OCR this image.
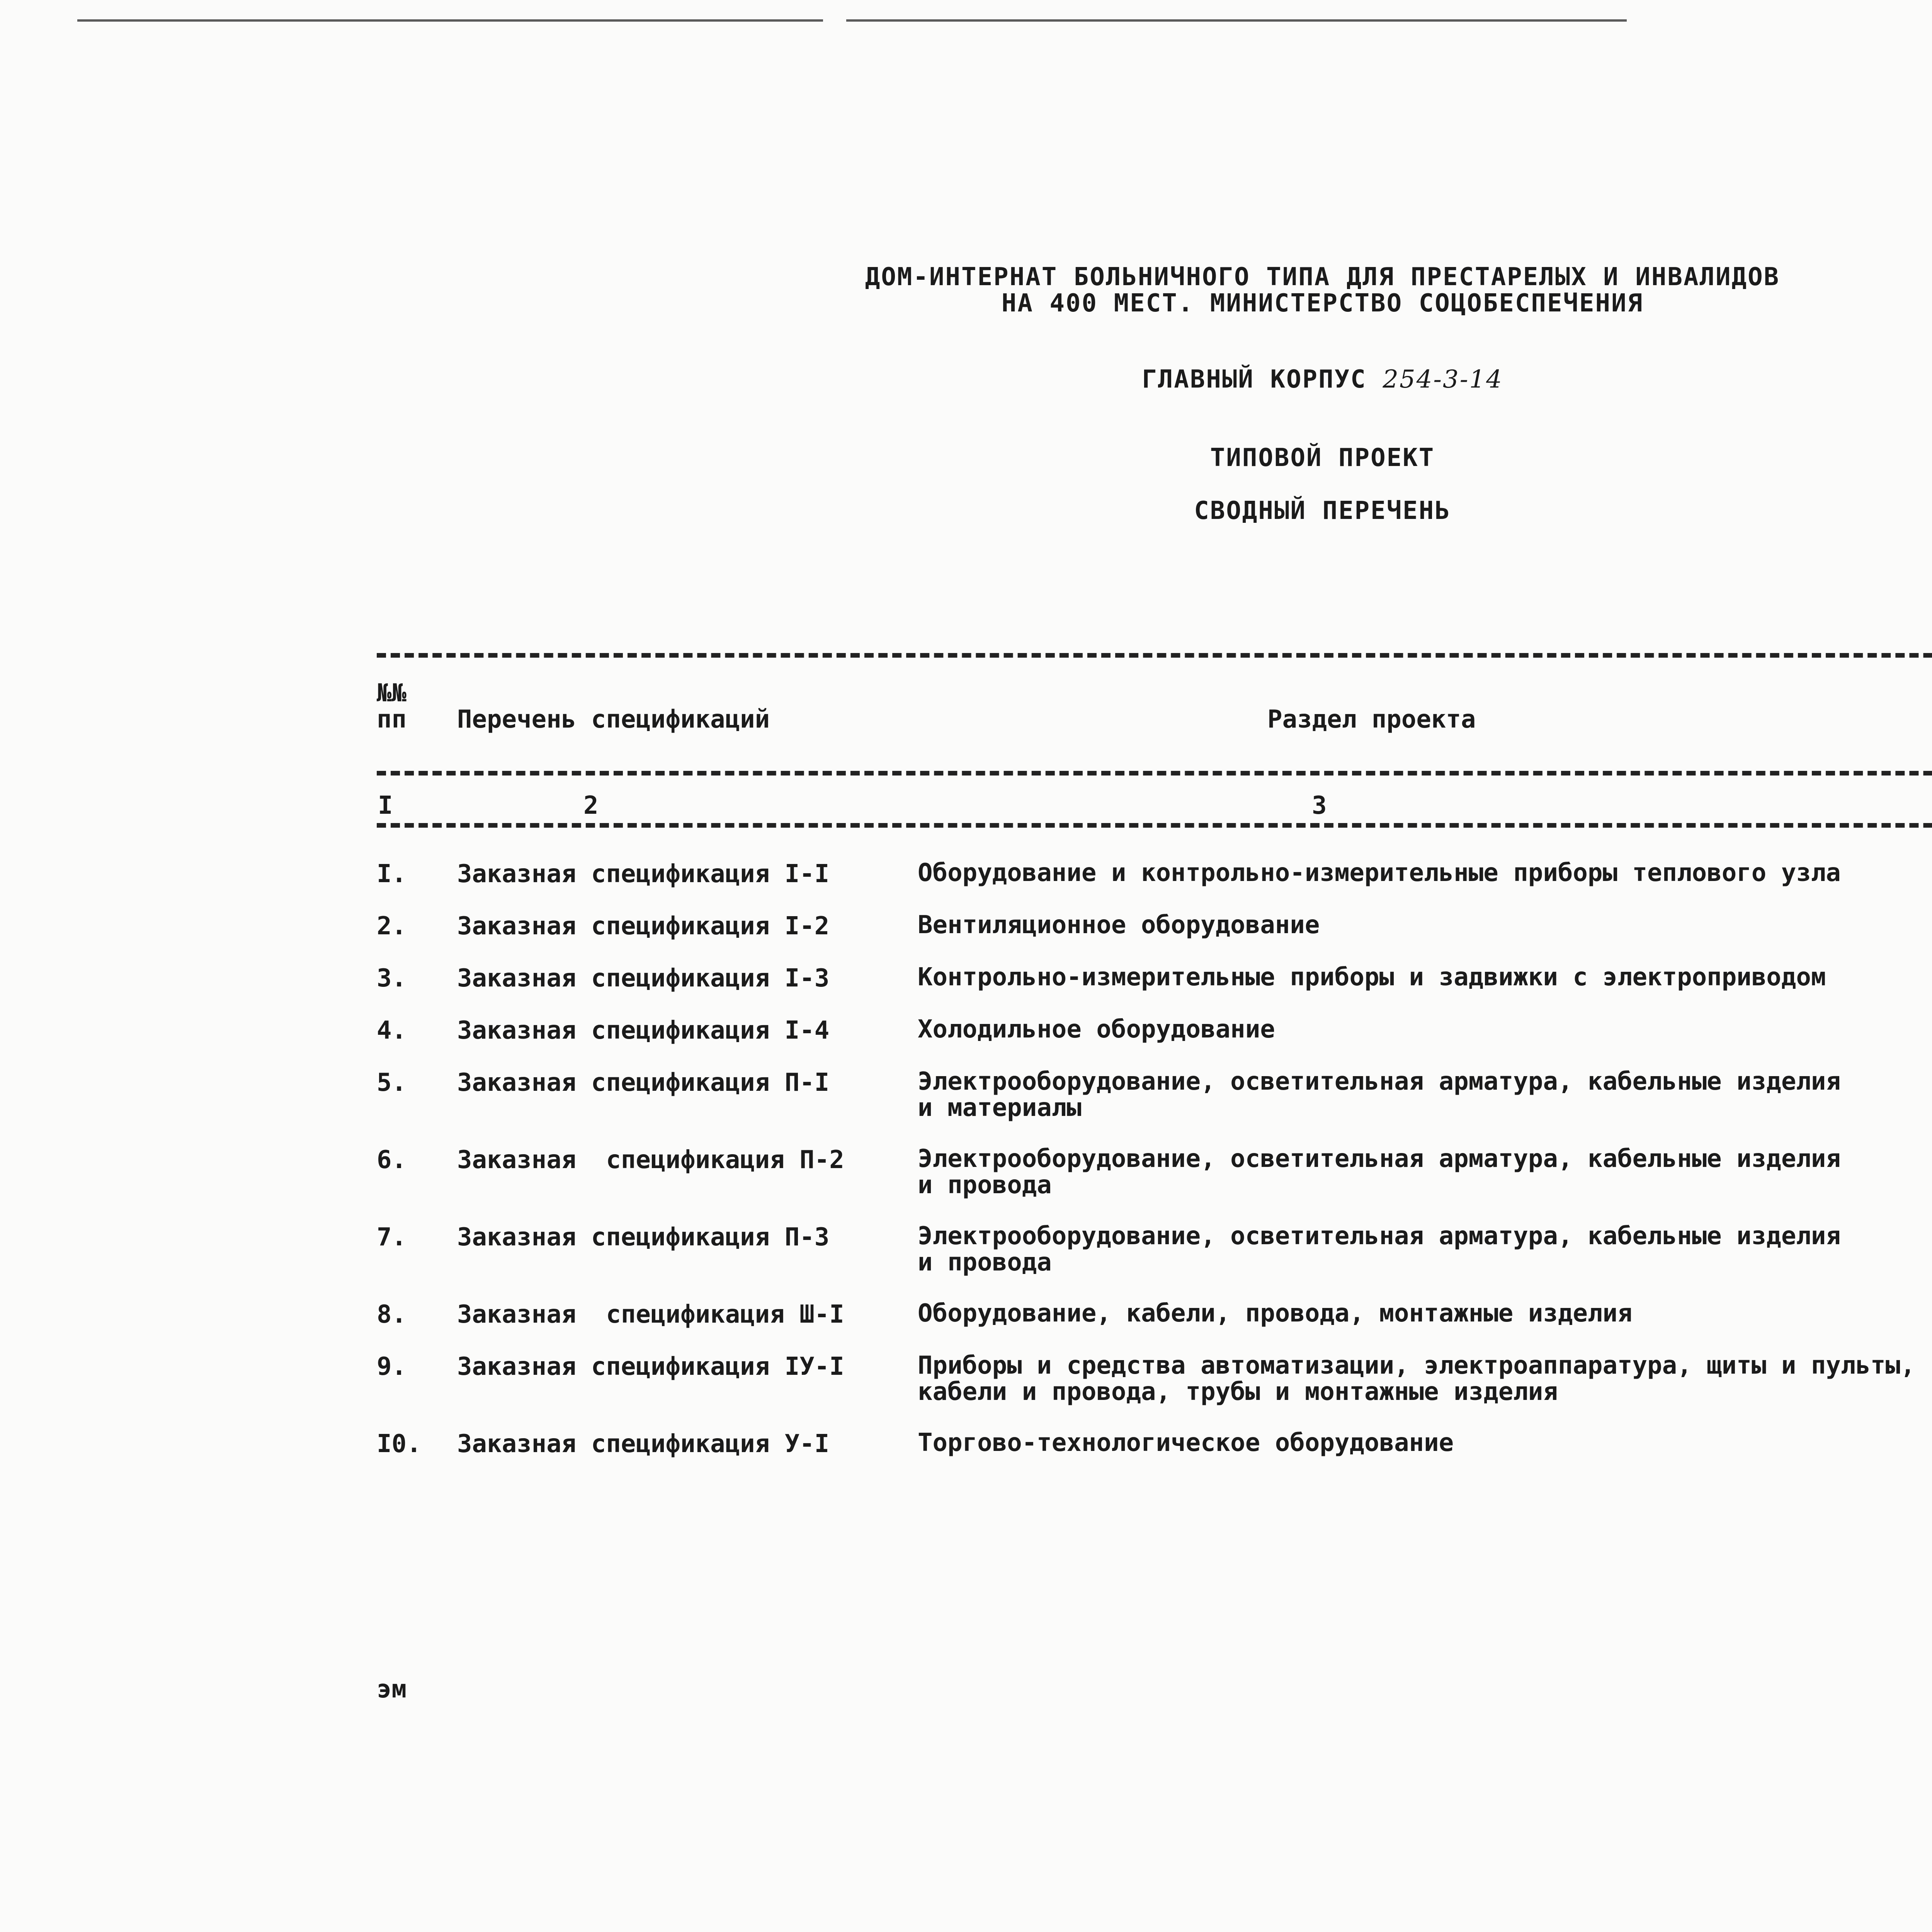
ДОМ-ИНТЕРНАТ БОЛЬНИЧНОГО ТИПА ДЛЯ ПРЕСТАРЕЛЫХ И ИНВАЛИДОВ
НА 400 МЕСТ. МИНИСТЕРСТВО СОЦОБЕСПЕЧЕНИЯ
ГЛАВНЫЙ КОРПУС 254-3-14
ТИПОВОЙ ПРОЕКТ
СВОДНЫЙ ПЕРЕЧЕНЬ
№№
пп Перечень спецификаций	Раздел проекта
I	2	3
I. Заказная спецификация I-I	Оборудование и контрольно-измерительные приборы теплового узла
2. Заказная спецификация I-2	Вентиляционное оборудование
3. Заказная спецификация I-3	Контрольно-измерительные приборы и задвижки с электроприводом
4. Заказная спецификация I-4	Холодильное оборудование
5. Заказная спецификация П-I	Электрооборудование, осветительная арматура, кабельные изделия
и материалы
6. Заказная  спецификация П-2	Электрооборудование, осветительная арматура, кабельные изделия
и провода
7. Заказная спецификация П-3	Электрооборудование, осветительная арматура, кабельные изделия
и провода
8. Заказная  спецификация Ш-I	Оборудование, кабели, провода, монтажные изделия
9. Заказная спецификация IУ-I	Приборы и средства автоматизации, электроаппаратура, щиты и пульты,
кабели и провода, трубы и монтажные изделия
I0. Заказная спецификация У-I	Торгово-технологическое оборудование
эм
